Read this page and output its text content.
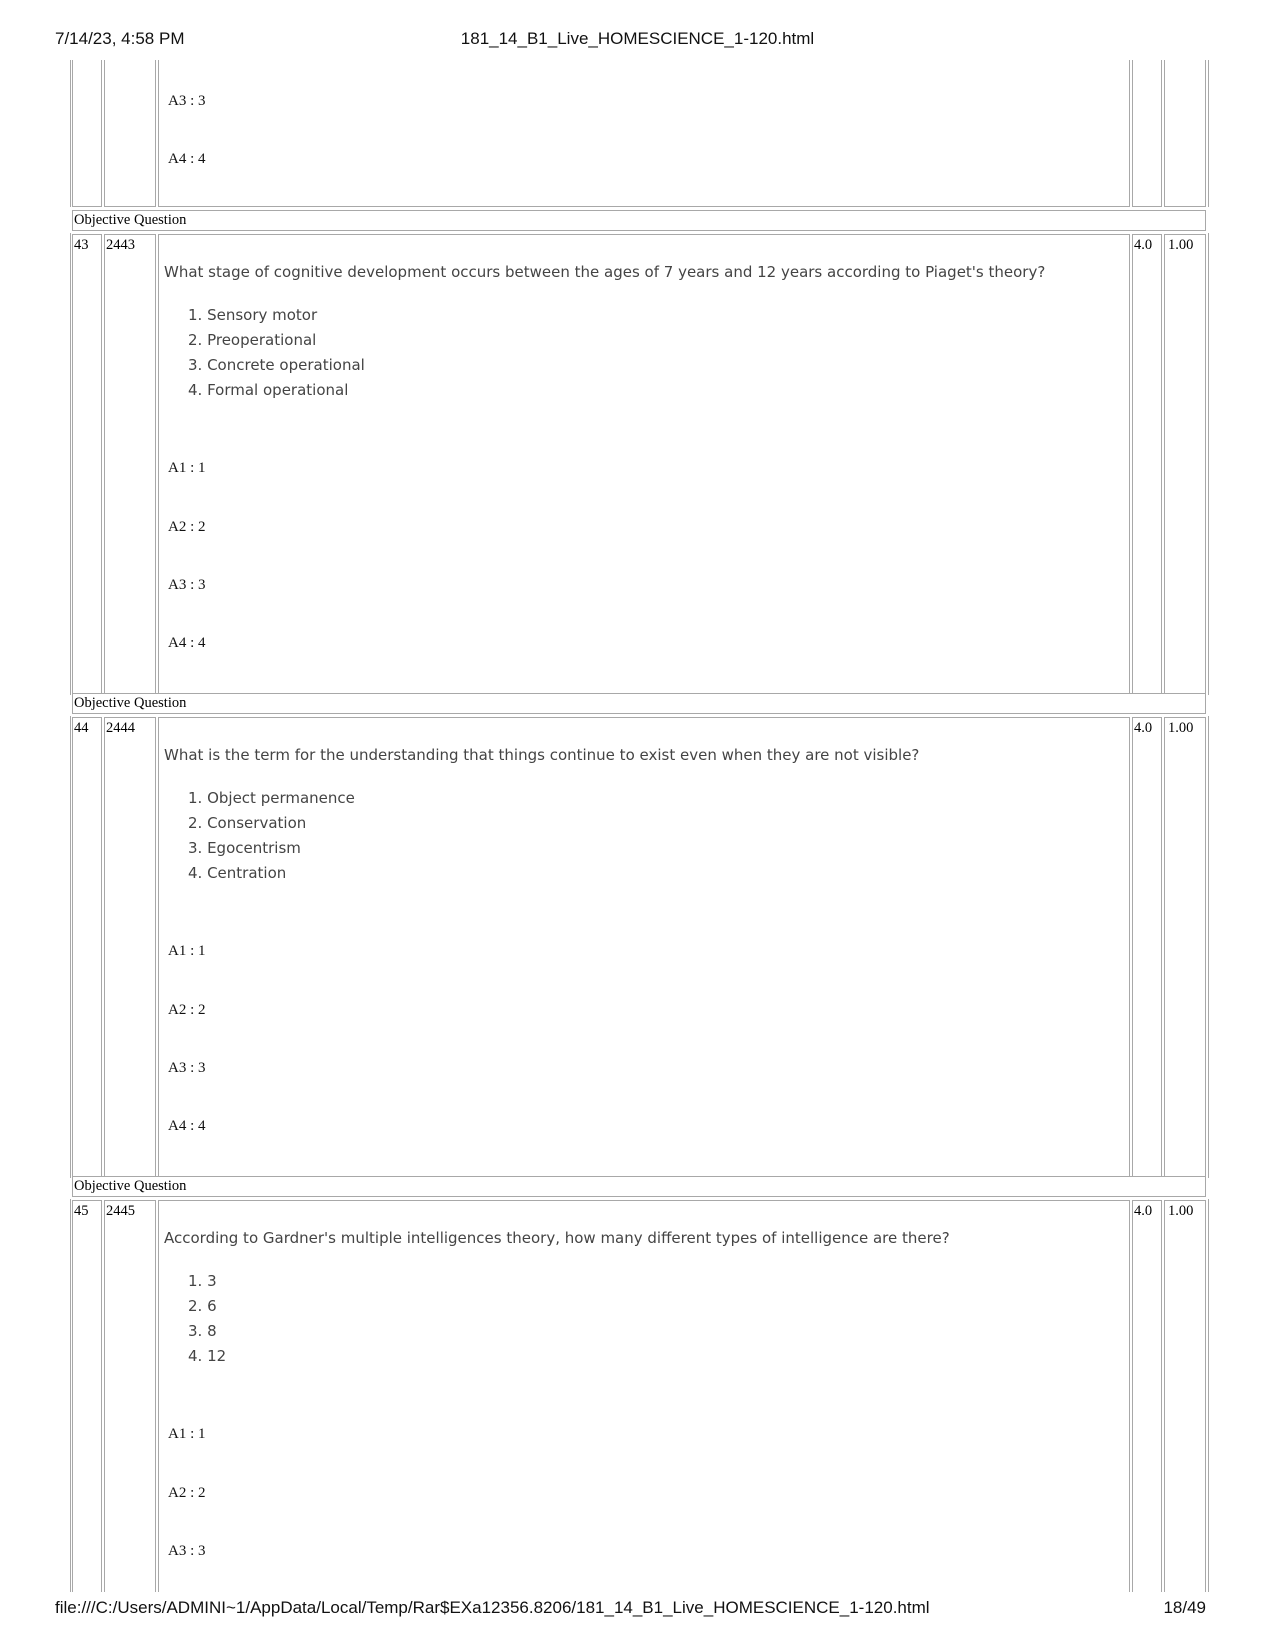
7/14/23, 4:58 PM	181_14_B1_Live_HOMESCIENCE_1-120.html
A3 : 3
A4 : 4
Objective Question
43 2443
What stage of cognitive development occurs between the ages of 7 years and 12 years according to Piaget's theory?
1. Sensory motor
2. Preoperational
3. Concrete operational
4. Formal operational
A1 : 1
A2 : 2
A3 : 3
A4 : 4
4.0 1.00
Objective Question
44 2444
What is the term for the understanding that things continue to exist even when they are not visible?
1. Object permanence
2. Conservation
3. Egocentrism
4. Centration
A1 : 1
A2 : 2
A3 : 3
A4 : 4
4.0 1.00
Objective Question
45 2445
According to Gardner's multiple intelligences theory, how many different types of intelligence are there?
1. 3
2. 6
3. 8
4. 12
A1 : 1
A2 : 2
A3 : 3
4.0 1.00
file:///C:/Users/ADMINI~1/AppData/Local/Temp/Rar$EXa12356.8206/181_14_B1_Live_HOMESCIENCE_1-120.html	18/49
